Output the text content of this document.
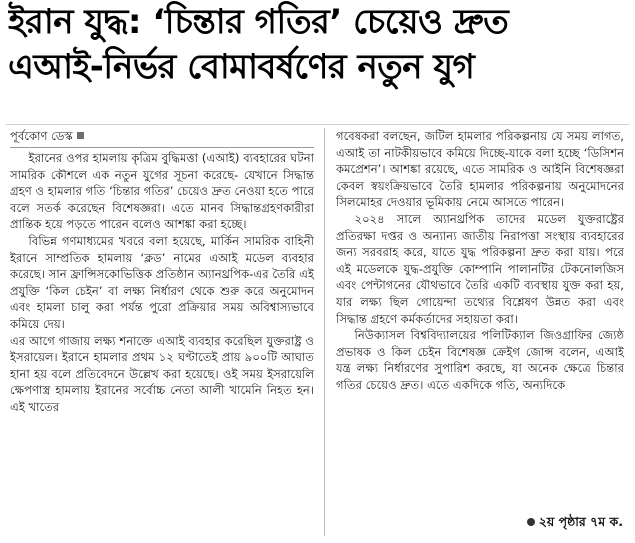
ইরান যুদ্ধ: ‘চিন্তার গতির’ চেয়েও দ্রুত
এআই-নির্ভর বোমাবর্ষণের নতুন যুগ
পূর্বকোণ ডেস্ক

ইরানের ওপর হামলায় কৃত্রিম বুদ্ধিমত্তা (এআই) ব্যবহারের ঘটনা সামরিক কৌশলে এক নতুন যুগের সূচনা করেছে- যেখানে সিদ্ধান্ত গ্রহণ ও হামলার গতি ‘চিন্তার গতির’ চেয়েও দ্রুত নেওয়া হতে পারে বলে সতর্ক করেছেন বিশেষজ্ঞরা। এতে মানব সিদ্ধান্তগ্রহণকারীরা প্রান্তিক হয়ে পড়তে পারেন বলেও আশঙ্কা করা হচ্ছে।

বিভিন্ন গণমাধ্যমের খবরে বলা হয়েছে, মার্কিন সামরিক বাহিনী ইরানে সাম্প্রতিক হামলায় ‘ক্লড’ নামের এআই মডেল ব্যবহার করেছে। সান ফ্রান্সিসকোভিত্তিক প্রতিষ্ঠান অ্যানথ্রপিক-এর তৈরি এই প্রযুক্তি ‘কিল চেইন’ বা লক্ষ্য নির্ধারণ থেকে শুরু করে অনুমোদন এবং হামলা চালু করা পর্যন্ত পুরো প্রক্রিয়ার সময় অবিশ্বাস্যভাবে কমিয়ে দেয়।

এর আগে গাজায় লক্ষ্য শনাক্তে এআই ব্যবহার করেছিল যুক্তরাষ্ট্র ও ইসরায়েল। ইরানে হামলার প্রথম ১২ ঘণ্টাতেই প্রায় ৯০০টি আঘাত হানা হয় বলে প্রতিবেদনে উল্লেখ করা হয়েছে। ওই সময় ইসরায়েলি ক্ষেপণাস্ত্র হামলায় ইরানের সর্বোচ্চ নেতা আলী খামেনি নিহত হন। এই খাতের

গবেষকরা বলছেন, জটিল হামলার পরিকল্পনায় যে সময় লাগত, এআই তা নাটকীয়ভাবে কমিয়ে দিচ্ছে-যাকে বলা হচ্ছে ‘ডিসিশন কমপ্রেশন’। আশঙ্কা রয়েছে, এতে সামরিক ও আইনি বিশেষজ্ঞরা কেবল স্বয়ংক্রিয়ভাবে তৈরি হামলার পরিকল্পনায় অনুমোদনের সিলমোহর দেওয়ার ভূমিকায় নেমে আসতে পারেন।

২০২৪ সালে অ্যানথ্রপিক তাদের মডেল যুক্তরাষ্ট্রের প্রতিরক্ষা দপ্তর ও অন্যান্য জাতীয় নিরাপত্তা সংস্থায় ব্যবহারের জন্য সরবরাহ করে, যাতে যুদ্ধ পরিকল্পনা দ্রুত করা যায়। পরে এই মডেলকে যুদ্ধ-প্রযুক্তি কোম্পানি পালানটির টেকনোলজিস এবং পেন্টাগনের যৌথভাবে তৈরি একটি ব্যবস্থায় যুক্ত করা হয়, যার লক্ষ্য ছিল গোয়েন্দা তথ্যের বিশ্লেষণ উন্নত করা এবং সিদ্ধান্ত গ্রহণে কর্মকর্তাদের সহায়তা করা।

নিউক্যাসল বিশ্ববিদ্যালয়ের পলিটিক্যাল জিওগ্রাফির জ্যেষ্ঠ প্রভাষক ও কিল চেইন বিশেষজ্ঞ ক্রেইগ জোন্স বলেন, এআই যন্ত্র লক্ষ্য নির্ধারণের সুপারিশ করছে, যা অনেক ক্ষেত্রে চিন্তার গতির চেয়েও দ্রুত। এতে একদিকে গতি, অন্যদিকে

২য় পৃষ্ঠার ৭ম ক.
